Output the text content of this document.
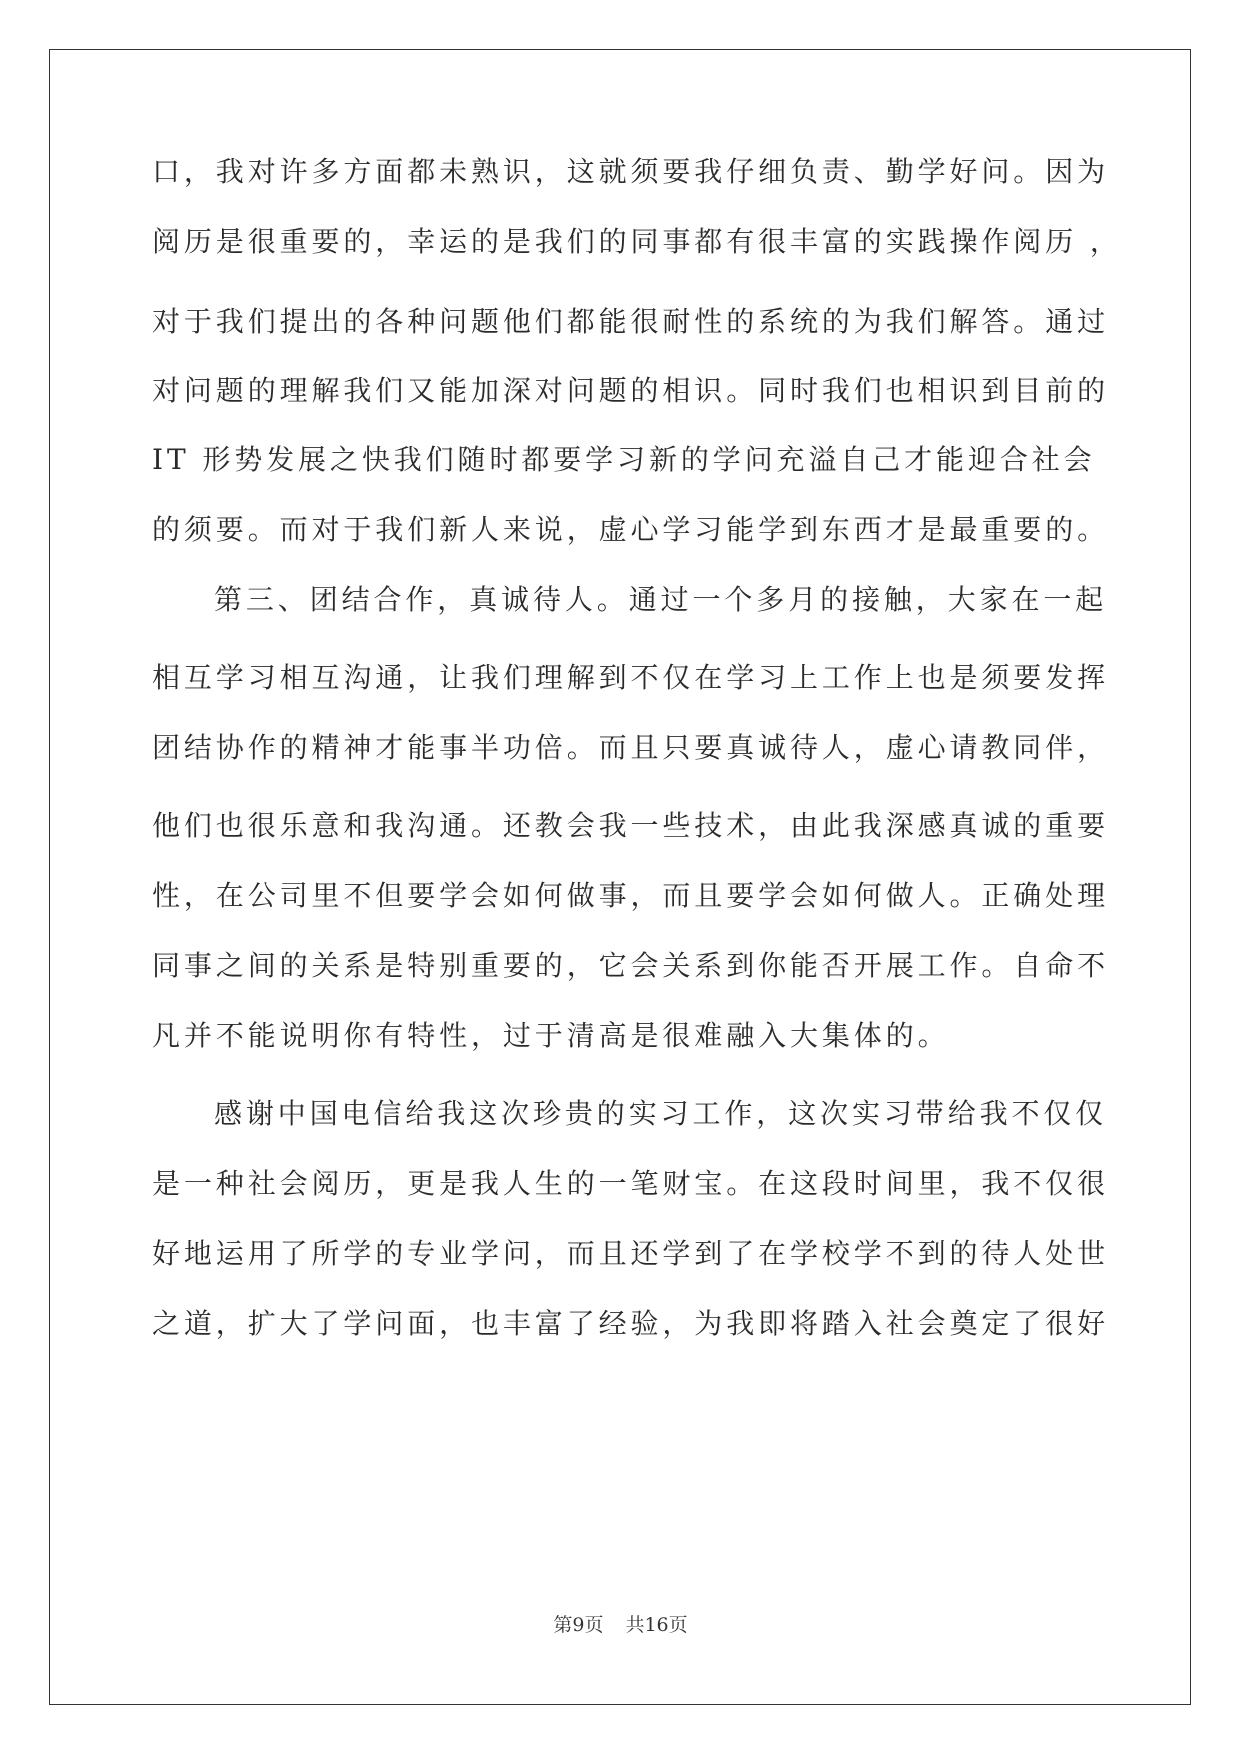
口，我对许多方面都未熟识，这就须要我仔细负责、勤学好问。因为
阅历是很重要的，幸运的是我们的同事都有很丰富的实践操作阅历 ，
对于我们提出的各种问题他们都能很耐性的系统的为我们解答。通过
对问题的理解我们又能加深对问题的相识。同时我们也相识到目前的
IT 形势发展之快我们随时都要学习新的学问充溢自己才能迎合社会
的须要。而对于我们新人来说，虚心学习能学到东西才是最重要的。
第三、团结合作，真诚待人。通过一个多月的接触，大家在一起
相互学习相互沟通，让我们理解到不仅在学习上工作上也是须要发挥
团结协作的精神才能事半功倍。而且只要真诚待人，虚心请教同伴，
他们也很乐意和我沟通。还教会我一些技术，由此我深感真诚的重要
性，在公司里不但要学会如何做事，而且要学会如何做人。正确处理
同事之间的关系是特别重要的，它会关系到你能否开展工作。自命不
凡并不能说明你有特性，过于清高是很难融入大集体的。
感谢中国电信给我这次珍贵的实习工作，这次实习带给我不仅仅
是一种社会阅历，更是我人生的一笔财宝。在这段时间里，我不仅很
好地运用了所学的专业学问，而且还学到了在学校学不到的待人处世
之道，扩大了学问面，也丰富了经验，为我即将踏入社会奠定了很好
第9页 共16页
